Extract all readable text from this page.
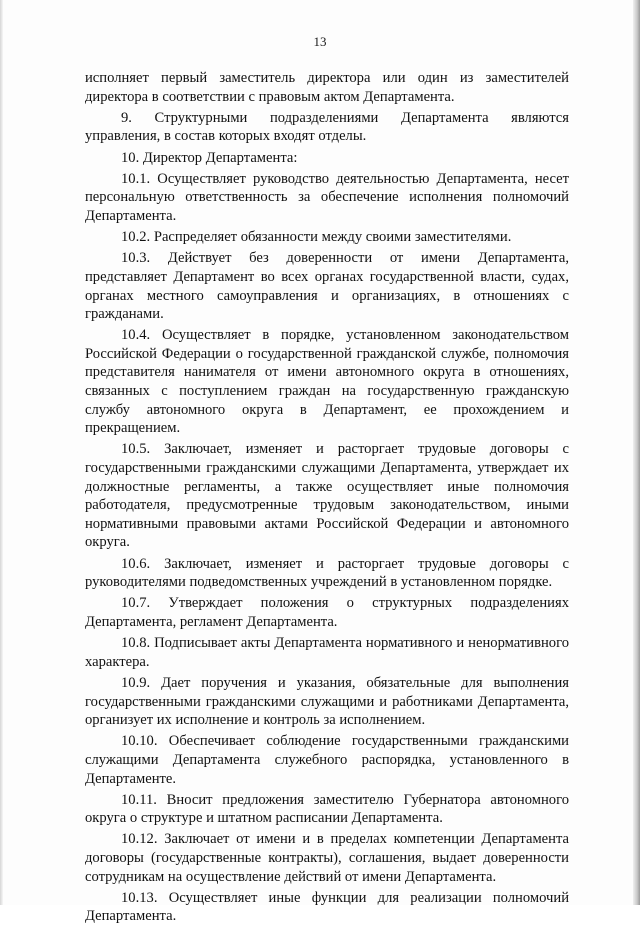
13

исполняет первый заместитель директора или один из заместителей директора в соответствии с правовым актом Департамента.

9. Структурными подразделениями Департамента являются управления, в состав которых входят отделы.

10. Директор Департамента:

10.1. Осуществляет руководство деятельностью Департамента, несет персональную ответственность за обеспечение исполнения полномочий Департамента.

10.2. Распределяет обязанности между своими заместителями.

10.3. Действует без доверенности от имени Департамента, представляет Департамент во всех органах государственной власти, судах, органах местного самоуправления и организациях, в отношениях с гражданами.

10.4. Осуществляет в порядке, установленном законодательством Российской Федерации о государственной гражданской службе, полномочия представителя нанимателя от имени автономного округа в отношениях, связанных с поступлением граждан на государственную гражданскую службу автономного округа в Департамент, ее прохождением и прекращением.

10.5. Заключает, изменяет и расторгает трудовые договоры с государственными гражданскими служащими Департамента, утверждает их должностные регламенты, а также осуществляет иные полномочия работодателя, предусмотренные трудовым законодательством, иными нормативными правовыми актами Российской Федерации и автономного округа.

10.6. Заключает, изменяет и расторгает трудовые договоры с руководителями подведомственных учреждений в установленном порядке.

10.7. Утверждает положения о структурных подразделениях Департамента, регламент Департамента.

10.8. Подписывает акты Департамента нормативного и ненормативного характера.

10.9. Дает поручения и указания, обязательные для выполнения государственными гражданскими служащими и работниками Департамента, организует их исполнение и контроль за исполнением.

10.10. Обеспечивает соблюдение государственными гражданскими служащими Департамента служебного распорядка, установленного в Департаменте.

10.11. Вносит предложения заместителю Губернатора автономного округа о структуре и штатном расписании Департамента.

10.12. Заключает от имени и в пределах компетенции Департамента договоры (государственные контракты), соглашения, выдает доверенности сотрудникам на осуществление действий от имени Департамента.

10.13. Осуществляет иные функции для реализации полномочий Департамента.
